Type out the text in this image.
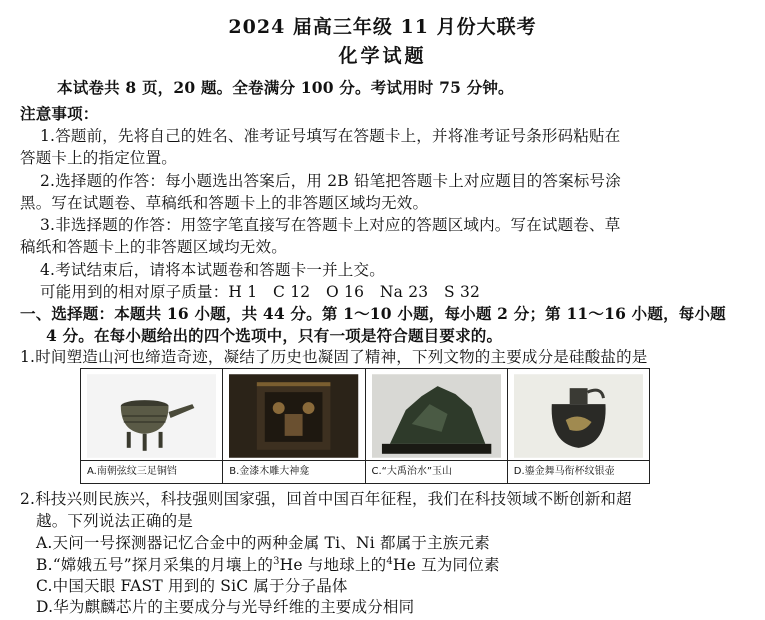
2024 届高三年级 11 月份大联考
化学试题
本试卷共 8 页，20 题。全卷满分 100 分。考试用时 75 分钟。
注意事项：
1.答题前，先将自己的姓名、准考证号填写在答题卡上，并将准考证号条形码粘贴在
答题卡上的指定位置。
2.选择题的作答：每小题选出答案后，用 2B 铅笔把答题卡上对应题目的答案标号涂
黑。写在试题卷、草稿纸和答题卡上的非答题区域均无效。
3.非选择题的作答：用签字笔直接写在答题卡上对应的答题区域内。写在试题卷、草
稿纸和答题卡上的非答题区域均无效。
4.考试结束后，请将本试题卷和答题卡一并上交。
可能用到的相对原子质量：H 1　C 12　O 16　Na 23　S 32
一、选择题：本题共 16 小题，共 44 分。第 1～10 小题，每小题 2 分；第 11～16 小题，每小题
4 分。在每小题给出的四个选项中，只有一项是符合题目要求的。
1.时间塑造山河也缔造奇迹，凝结了历史也凝固了精神，下列文物的主要成分是硅酸盐的是
A.南朝弦纹三足铜铛	B.金漆木雕大神龛	C.“大禹治水”玉山	D.鎏金舞马衔杯纹银壶
2.科技兴则民族兴，科技强则国家强，回首中国百年征程，我们在科技领域不断创新和超
越。下列说法正确的是
A.天问一号探测器记忆合金中的两种金属 Ti、Ni 都属于主族元素
B.“嫦娥五号”探月采集的月壤上的$^3$He 与地球上的$^4$He 互为同位素
C.中国天眼 FAST 用到的 SiC 属于分子晶体
D.华为麒麟芯片的主要成分与光导纤维的主要成分相同
